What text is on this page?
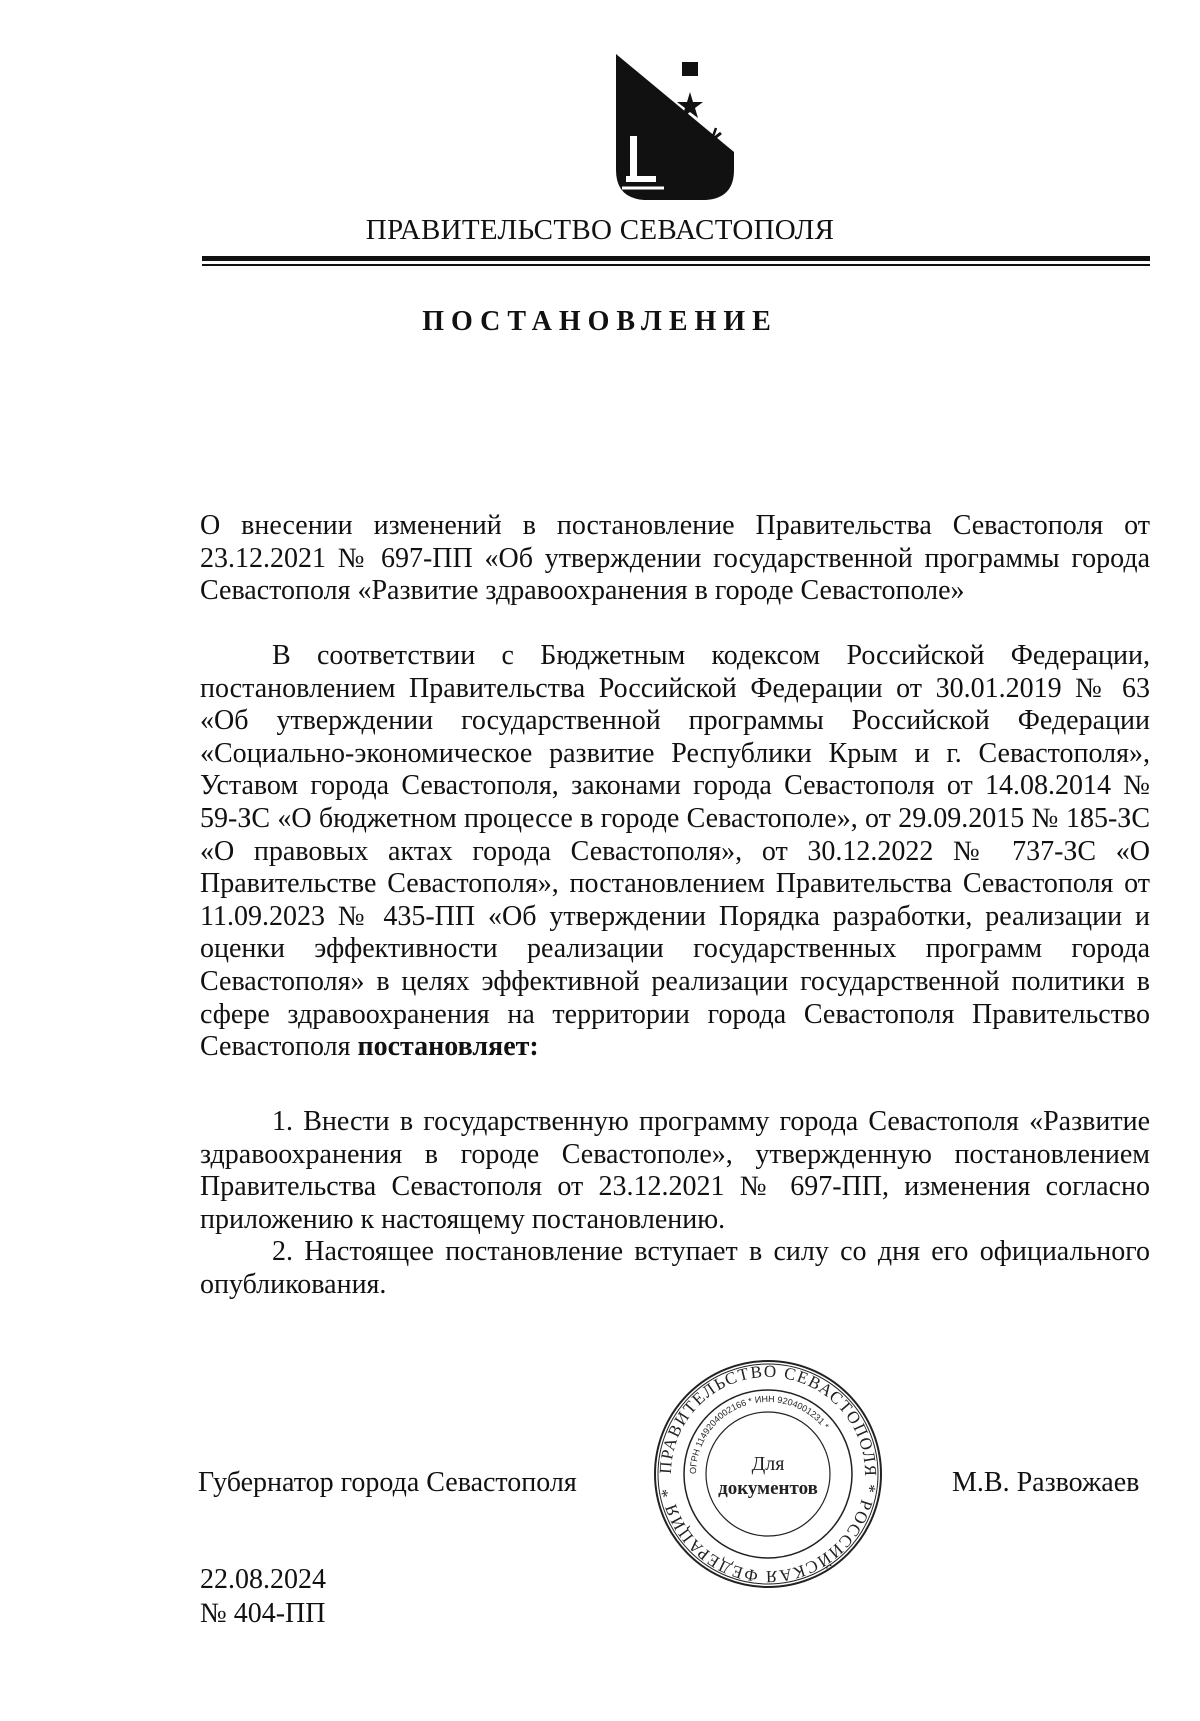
ПРАВИТЕЛЬСТВО СЕВАСТОПОЛЯ
ПОСТАНОВЛЕНИЕ
О внесении изменений в постановление Правительства Севастополя от 23.12.2021 № 697-ПП «Об утверждении государственной программы города Севастополя «Развитие здравоохранения в городе Севастополе»
В соответствии с Бюджетным кодексом Российской Федерации, постановлением Правительства Российской Федерации от 30.01.2019 № 63 «Об утверждении государственной программы Российской Федерации «Социально-экономическое развитие Республики Крым и г. Севастополя», Уставом города Севастополя, законами города Севастополя от 14.08.2014 № 59-ЗС «О бюджетном процессе в городе Севастополе», от 29.09.2015 № 185-ЗС «О правовых актах города Севастополя», от 30.12.2022 № 737-ЗС «О Правительстве Севастополя», постановлением Правительства Севастополя от 11.09.2023 № 435-ПП «Об утверждении Порядка разработки, реализации и оценки эффективности реализации государственных программ города Севастополя» в целях эффективной реализации государственной политики в сфере здравоохранения на территории города Севастополя Правительство Севастополя постановляет:
1. Внести в государственную программу города Севастополя «Развитие здравоохранения в городе Севастополе», утвержденную постановлением Правительства Севастополя от 23.12.2021 № 697-ПП, изменения согласно приложению к настоящему постановлению.
2. Настоящее постановление вступает в силу со дня его официального опубликования.
Губернатор города Севастополя
ПРАВИТЕЛЬСТВО СЕВАСТОПОЛЯ * РОССИЙСКАЯ ФЕДЕРАЦИЯ *
ОГРН 1149204002166 * ИНН 9204001231 *
Для
документов	М.В. Развожаев
22.08.2024
№ 404-ПП
